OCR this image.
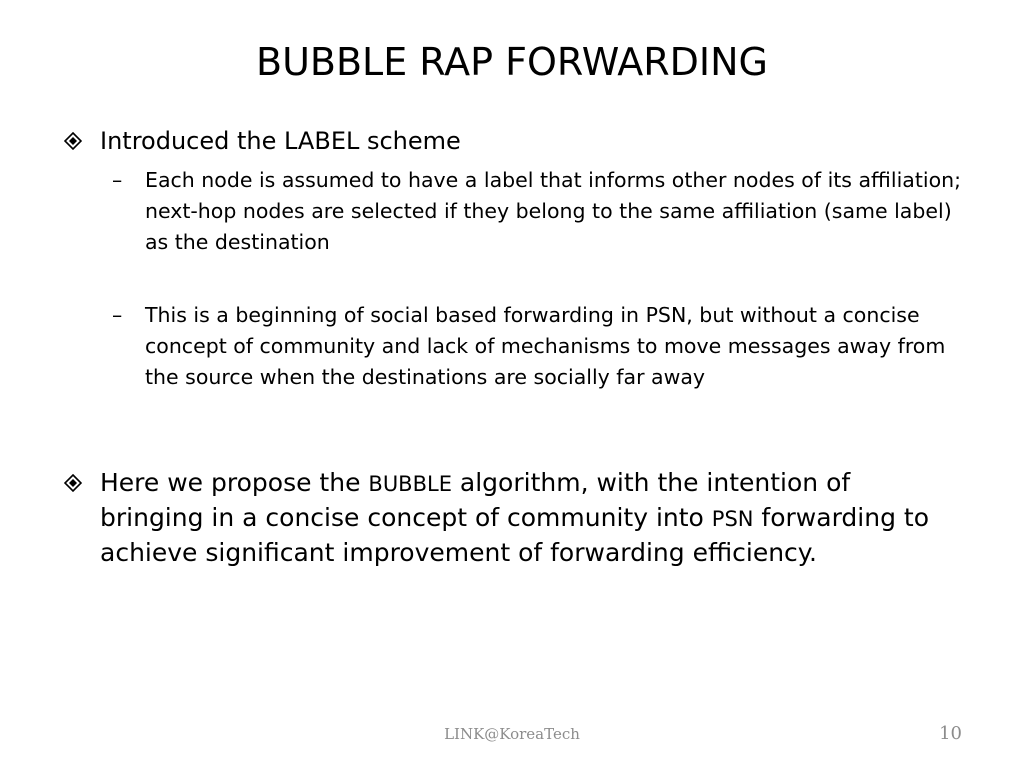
BUBBLE RAP FORWARDING
Introduced the LABEL scheme
–	Each node is assumed to have a label that informs other nodes of its affiliation; next-hop nodes are selected if they belong to the same affiliation (same label) as the destination
–	This is a beginning of social based forwarding in PSN, but without a concise concept of community and lack of mechanisms to move messages away from the source when the destinations are socially far away
Here we propose the BUBBLE algorithm, with the intention of bringing in a concise concept of community into PSN forwarding to achieve significant improvement of forwarding efficiency.
LINK@KoreaTech	10
